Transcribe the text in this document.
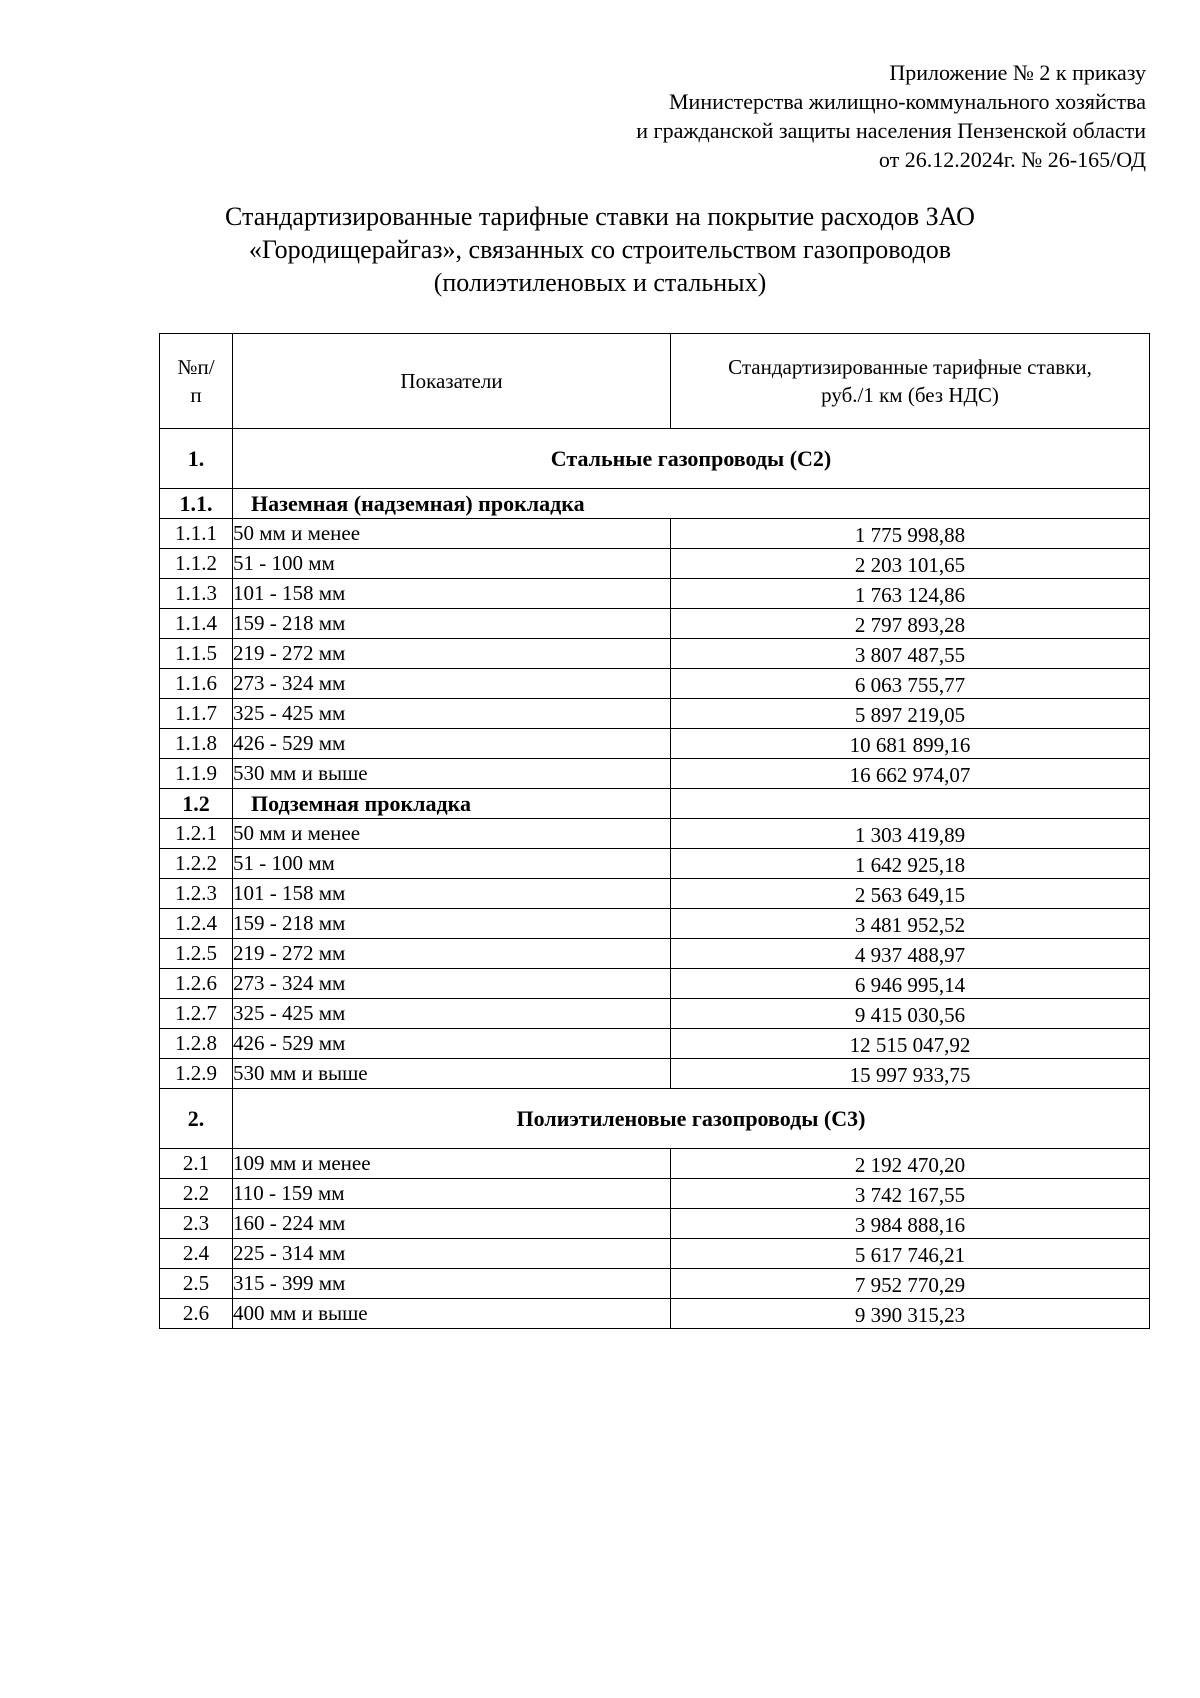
Приложение № 2 к приказу
Министерства жилищно-коммунального хозяйства
и гражданской защиты населения Пензенской области
от 26.12.2024г. № 26-165/ОД
Стандартизированные тарифные ставки на покрытие расходов ЗАО
«Городищерайгаз», связанных со строительством газопроводов
(полиэтиленовых и стальных)
№п/
п	Показатели	Стандартизированные тарифные ставки,
руб./1 км (без НДС)
1.	Стальные газопроводы (С2)	
1.1.	Наземная (надземная) прокладка	
1.1.1	50 мм и менее	1 775 998,88
1.1.2	51 - 100 мм	2 203 101,65
1.1.3	101 - 158 мм	1 763 124,86
1.1.4	159 - 218 мм	2 797 893,28
1.1.5	219 - 272 мм	3 807 487,55
1.1.6	273 - 324 мм	6 063 755,77
1.1.7	325 - 425 мм	5 897 219,05
1.1.8	426 - 529 мм	10 681 899,16
1.1.9	530 мм и выше	16 662 974,07
1.2	Подземная прокладка	
1.2.1	50 мм и менее	1 303 419,89
1.2.2	51 - 100 мм	1 642 925,18
1.2.3	101 - 158 мм	2 563 649,15
1.2.4	159 - 218 мм	3 481 952,52
1.2.5	219 - 272 мм	4 937 488,97
1.2.6	273 - 324 мм	6 946 995,14
1.2.7	325 - 425 мм	9 415 030,56
1.2.8	426 - 529 мм	12 515 047,92
1.2.9	530 мм и выше	15 997 933,75
2.	Полиэтиленовые газопроводы (С3)	
2.1	109 мм и менее	2 192 470,20
2.2	110 - 159 мм	3 742 167,55
2.3	160 - 224 мм	3 984 888,16
2.4	225 - 314 мм	5 617 746,21
2.5	315 - 399 мм	7 952 770,29
2.6	400 мм и выше	9 390 315,23
